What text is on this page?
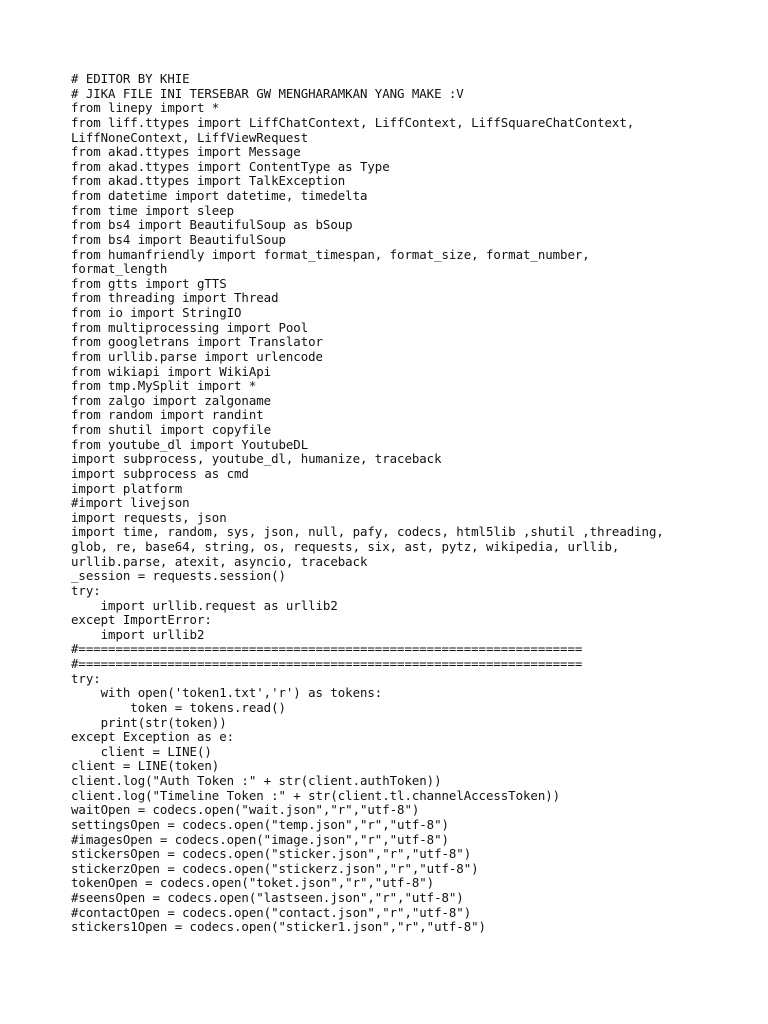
# EDITOR BY KHIE
# JIKA FILE INI TERSEBAR GW MENGHARAMKAN YANG MAKE :V
from linepy import *
from liff.ttypes import LiffChatContext, LiffContext, LiffSquareChatContext,
LiffNoneContext, LiffViewRequest
from akad.ttypes import Message
from akad.ttypes import ContentType as Type
from akad.ttypes import TalkException
from datetime import datetime, timedelta
from time import sleep
from bs4 import BeautifulSoup as bSoup
from bs4 import BeautifulSoup
from humanfriendly import format_timespan, format_size, format_number,
format_length
from gtts import gTTS
from threading import Thread
from io import StringIO
from multiprocessing import Pool
from googletrans import Translator
from urllib.parse import urlencode
from wikiapi import WikiApi
from tmp.MySplit import *
from zalgo import zalgoname
from random import randint
from shutil import copyfile
from youtube_dl import YoutubeDL
import subprocess, youtube_dl, humanize, traceback
import subprocess as cmd
import platform
#import livejson
import requests, json
import time, random, sys, json, null, pafy, codecs, html5lib ,shutil ,threading,
glob, re, base64, string, os, requests, six, ast, pytz, wikipedia, urllib,
urllib.parse, atexit, asyncio, traceback
_session = requests.session()
try:
import urllib.request as urllib2
except ImportError:
import urllib2
#====================================================================
#====================================================================
try:
with open('token1.txt','r') as tokens:
token = tokens.read()
print(str(token))
except Exception as e:
client = LINE()
client = LINE(token)
client.log("Auth Token :" + str(client.authToken))
client.log("Timeline Token :" + str(client.tl.channelAccessToken))
waitOpen = codecs.open("wait.json","r","utf-8")
settingsOpen = codecs.open("temp.json","r","utf-8")
#imagesOpen = codecs.open("image.json","r","utf-8")
stickersOpen = codecs.open("sticker.json","r","utf-8")
stickerzOpen = codecs.open("stickerz.json","r","utf-8")
tokenOpen = codecs.open("toket.json","r","utf-8")
#seensOpen = codecs.open("lastseen.json","r","utf-8")
#contactOpen = codecs.open("contact.json","r","utf-8")
stickers1Open = codecs.open("sticker1.json","r","utf-8")
